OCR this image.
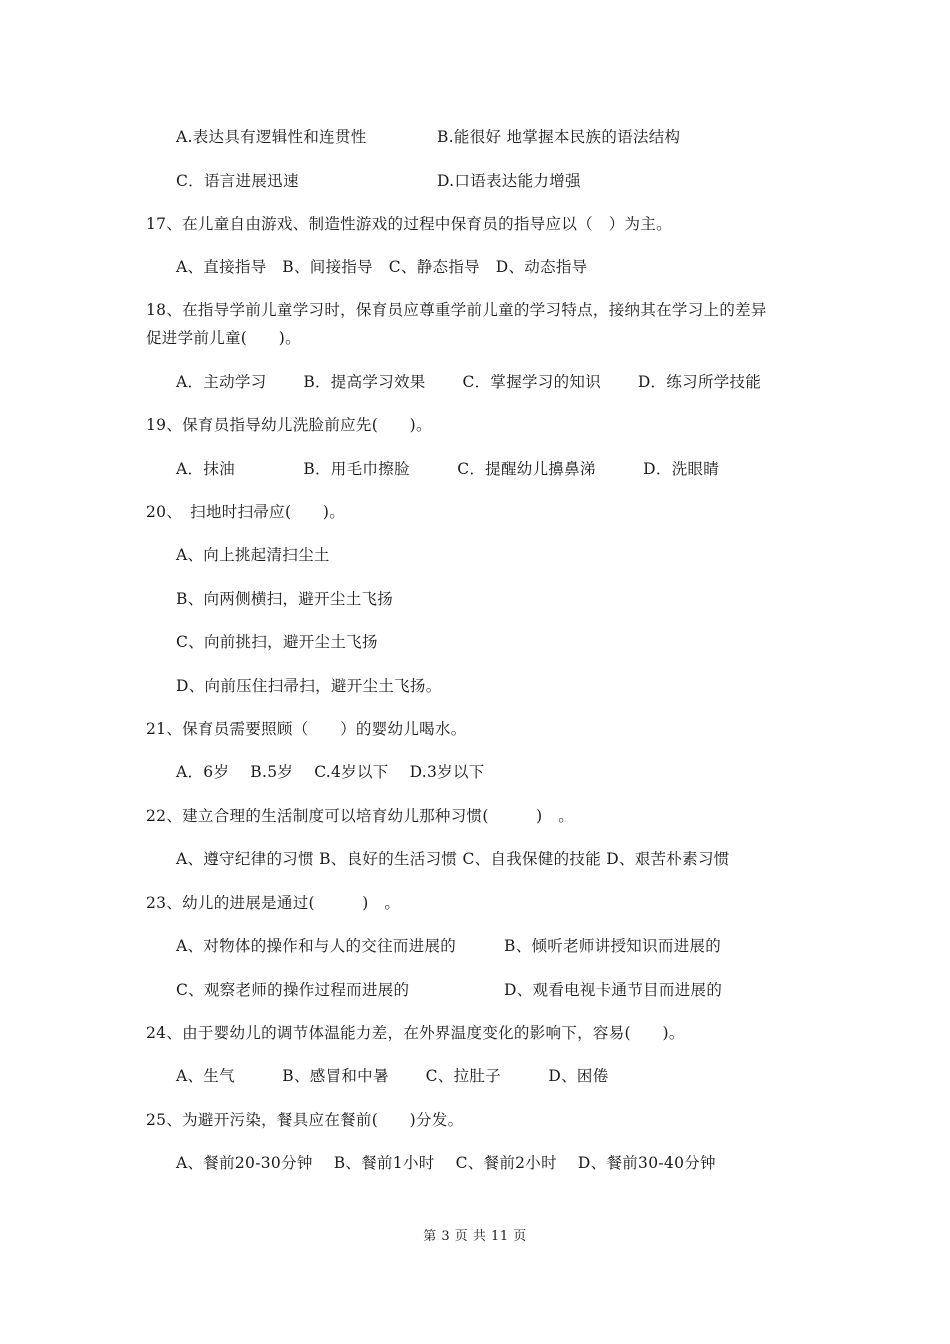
A.表达具有逻辑性和连贯性	B.能很好 地掌握本民族的语法结构
C．语言进展迅速	D.口语表达能力增强
17、在儿童自由游戏、制造性游戏的过程中保育员的指导应以（　）为主。
A、直接指导　B、间接指导　C、静态指导　D、动态指导
18、在指导学前儿童学习时，保育员应尊重学前儿童的学习特点，接纳其在学习上的差异
促进学前儿童(　　)。
A．主动学习　　 B．提高学习效果　　 C．掌握学习的知识　　 D．练习所学技能
19、保育员指导幼儿洗脸前应先(　　)。
A．抹油　　　　 B．用毛巾擦脸　　　C．提醒幼儿擤鼻涕　　　D．洗眼睛
20、　扫地时扫帚应(　　)。
A、向上挑起清扫尘土
B、向两侧横扫，避开尘土飞扬
C、向前挑扫，避开尘土飞扬
D、向前压住扫帚扫，避开尘土飞扬。
21、保育员需要照顾（　　）的婴幼儿喝水。
A．6岁　 B.5岁　 C.4岁以下　 D.3岁以下
22、建立合理的生活制度可以培育幼儿那种习惯(　　　)　。
A、遵守纪律的习惯 B、良好的生活习惯 C、自我保健的技能 D、艰苦朴素习惯
23、幼儿的进展是通过(　　　)　。
A、对物体的操作和与人的交往而进展的	B、倾听老师讲授知识而进展的
C、观察老师的操作过程而进展的	D、观看电视卡通节目而进展的
24、由于婴幼儿的调节体温能力差，在外界温度变化的影响下，容易(　　)。
A、生气　　　B、感冒和中暑　　 C、拉肚子　　　D、困倦
25、为避开污染，餐具应在餐前(　　)分发。
A、餐前20-30分钟　 B、餐前1小时　 C、餐前2小时　 D、餐前30-40分钟
第 3 页 共 11 页
